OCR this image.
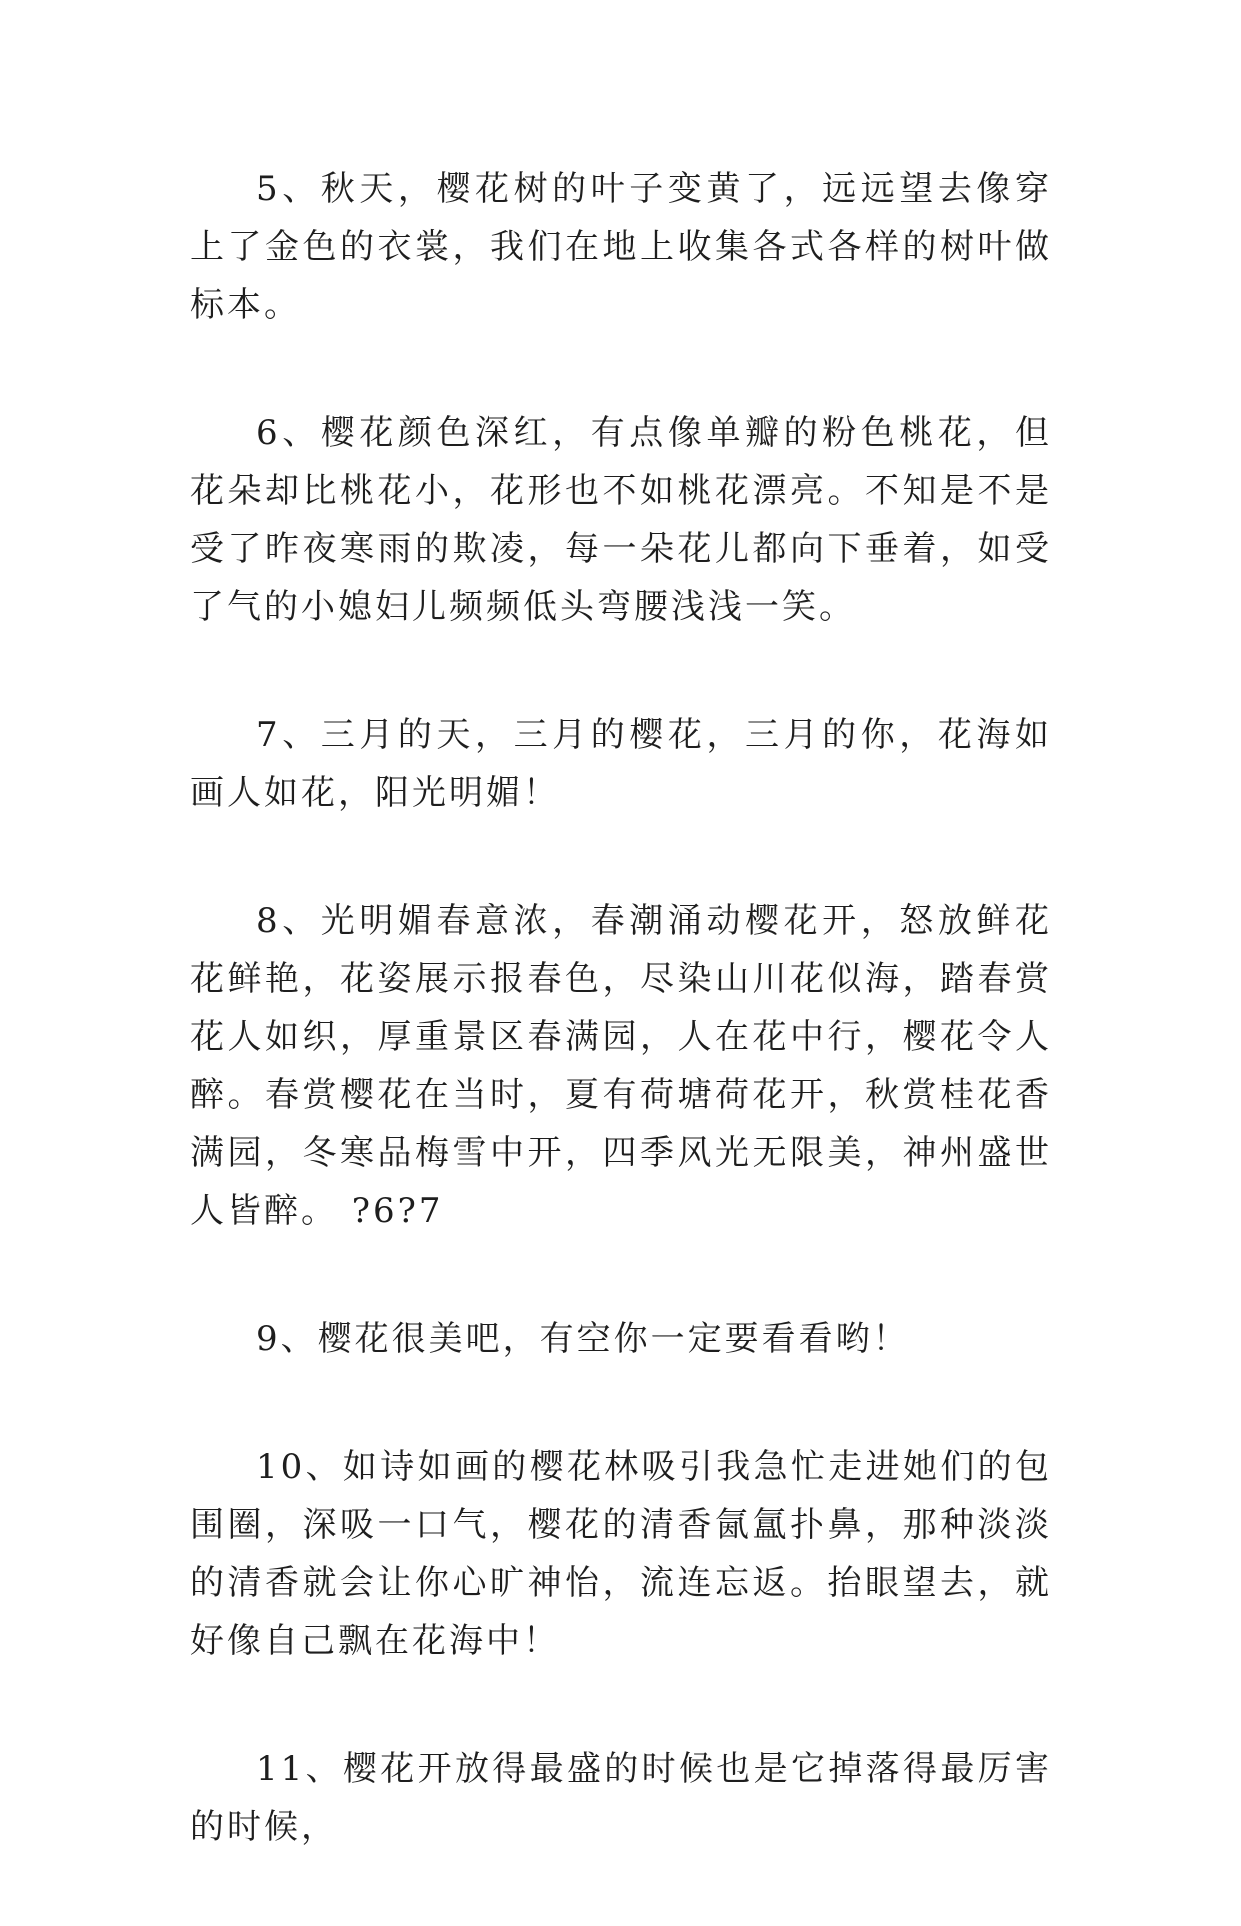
5、秋天，樱花树的叶子变黄了，远远望去像穿上了金色的衣裳，我们在地上收集各式各样的树叶做标本。

6、樱花颜色深红，有点像单瓣的粉色桃花，但花朵却比桃花小，花形也不如桃花漂亮。不知是不是受了昨夜寒雨的欺凌，每一朵花儿都向下垂着，如受了气的小媳妇儿频频低头弯腰浅浅一笑。

7、三月的天，三月的樱花，三月的你，花海如画人如花，阳光明媚！

8、光明媚春意浓，春潮涌动樱花开，怒放鲜花花鲜艳，花姿展示报春色，尽染山川花似海，踏春赏花人如织，厚重景区春满园，人在花中行，樱花令人醉。春赏樱花在当时，夏有荷塘荷花开，秋赏桂花香满园，冬寒品梅雪中开，四季风光无限美，神州盛世人皆醉。 ?6?7

9、樱花很美吧，有空你一定要看看哟！

10、如诗如画的樱花林吸引我急忙走进她们的包围圈，深吸一口气，樱花的清香氤氲扑鼻，那种淡淡的清香就会让你心旷神怡，流连忘返。抬眼望去，就好像自己飘在花海中！

11、樱花开放得最盛的时候也是它掉落得最厉害的时候，
